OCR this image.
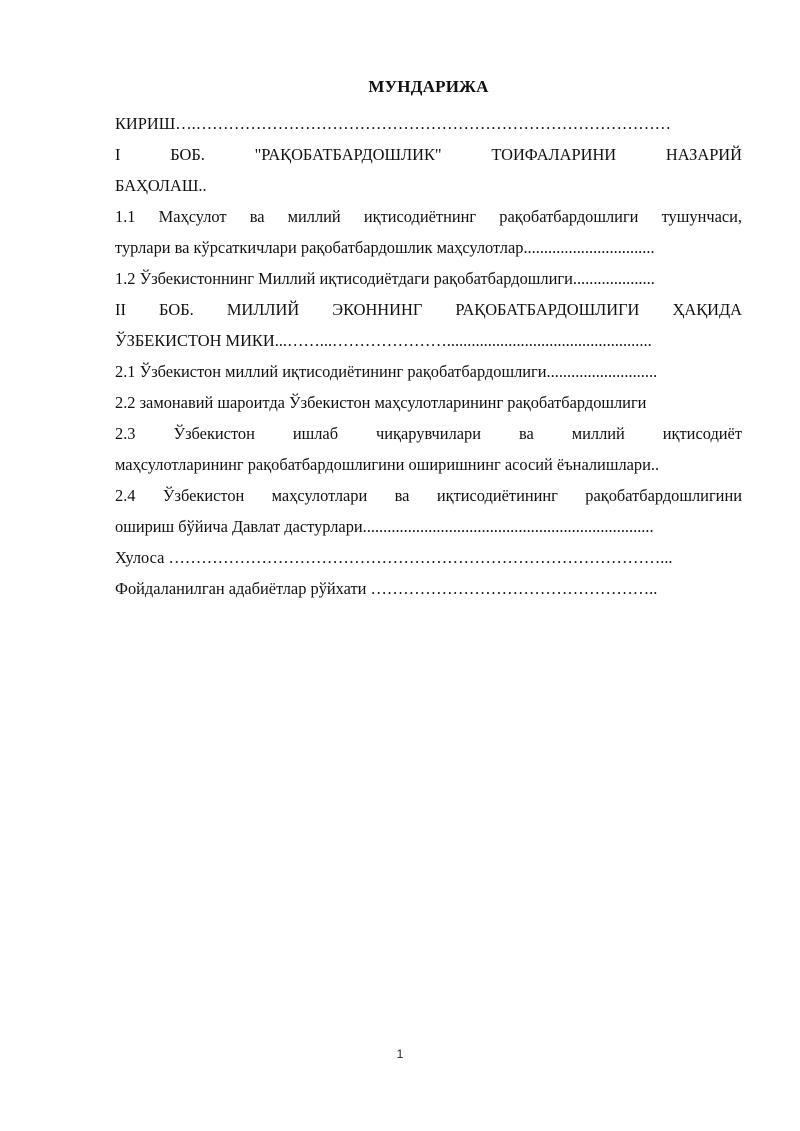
МУНДАРИЖА
КИРИШ….……………………………………………………………………………
I БОБ. "РАҚОБАТБАРДОШЛИК" ТОИФАЛАРИНИ НАЗАРИЙ
БАҲОЛАШ..
1.1 Маҳсулот ва миллий иқтисодиётнинг рақобатбардошлиги тушунчаси,
турлари ва кўрсаткичлари рақобатбардошлик маҳсулотлар................................
1.2 Ўзбекистоннинг Миллий иқтисодиётдаги рақобатбардошлиги....................
II БОБ. МИЛЛИЙ ЭКОННИНГ РАҚОБАТБАРДОШЛИГИ ҲАҚИДА
ЎЗБЕКИСТОН МИКИ...……...…………………..................................................
2.1 Ўзбекистон миллий иқтисодиётининг рақобатбардошлиги...........................
2.2 замонавий шароитда Ўзбекистон маҳсулотларининг рақобатбардошлиги
2.3 Ўзбекистон ишлаб чиқарувчилари ва миллий иқтисодиёт
маҳсулотларининг рақобатбардошлигини оширишнинг асосий ёъналишлари..
2.4 Ўзбекистон маҳсулотлари ва иқтисодиётининг рақобатбардошлигини
ошириш бўйича Давлат дастурлари.......................................................................
Хулоса ………………………………………………………………………………...
Фойдаланилган адабиётлар рўйхати ……………………………………………..
1
